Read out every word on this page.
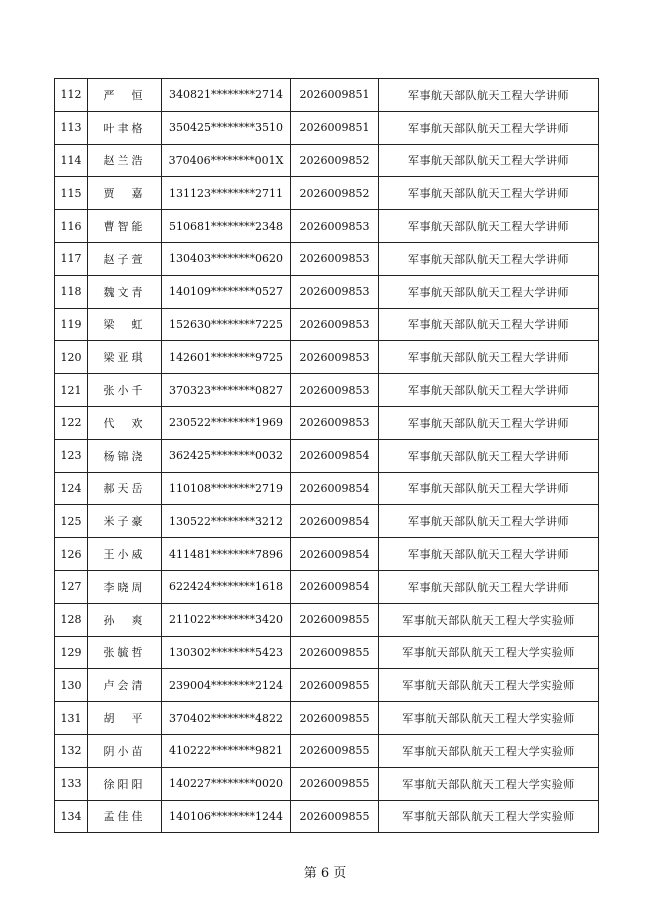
112	严　恒	340821********2714	2026009851	军事航天部队航天工程大学讲师
113	叶聿格	350425********3510	2026009851	军事航天部队航天工程大学讲师
114	赵兰浩	370406********001X	2026009852	军事航天部队航天工程大学讲师
115	贾　嘉	131123********2711	2026009852	军事航天部队航天工程大学讲师
116	曹智能	510681********2348	2026009853	军事航天部队航天工程大学讲师
117	赵子萱	130403********0620	2026009853	军事航天部队航天工程大学讲师
118	魏文青	140109********0527	2026009853	军事航天部队航天工程大学讲师
119	梁　虹	152630********7225	2026009853	军事航天部队航天工程大学讲师
120	梁亚琪	142601********9725	2026009853	军事航天部队航天工程大学讲师
121	张小千	370323********0827	2026009853	军事航天部队航天工程大学讲师
122	代　欢	230522********1969	2026009853	军事航天部队航天工程大学讲师
123	杨锦浇	362425********0032	2026009854	军事航天部队航天工程大学讲师
124	郝天岳	110108********2719	2026009854	军事航天部队航天工程大学讲师
125	米子豪	130522********3212	2026009854	军事航天部队航天工程大学讲师
126	王小威	411481********7896	2026009854	军事航天部队航天工程大学讲师
127	李晓周	622424********1618	2026009854	军事航天部队航天工程大学讲师
128	孙　爽	211022********3420	2026009855	军事航天部队航天工程大学实验师
129	张毓哲	130302********5423	2026009855	军事航天部队航天工程大学实验师
130	卢会清	239004********2124	2026009855	军事航天部队航天工程大学实验师
131	胡　平	370402********4822	2026009855	军事航天部队航天工程大学实验师
132	阴小苗	410222********9821	2026009855	军事航天部队航天工程大学实验师
133	徐阳阳	140227********0020	2026009855	军事航天部队航天工程大学实验师
134	孟佳佳	140106********1244	2026009855	军事航天部队航天工程大学实验师
第 6 页
